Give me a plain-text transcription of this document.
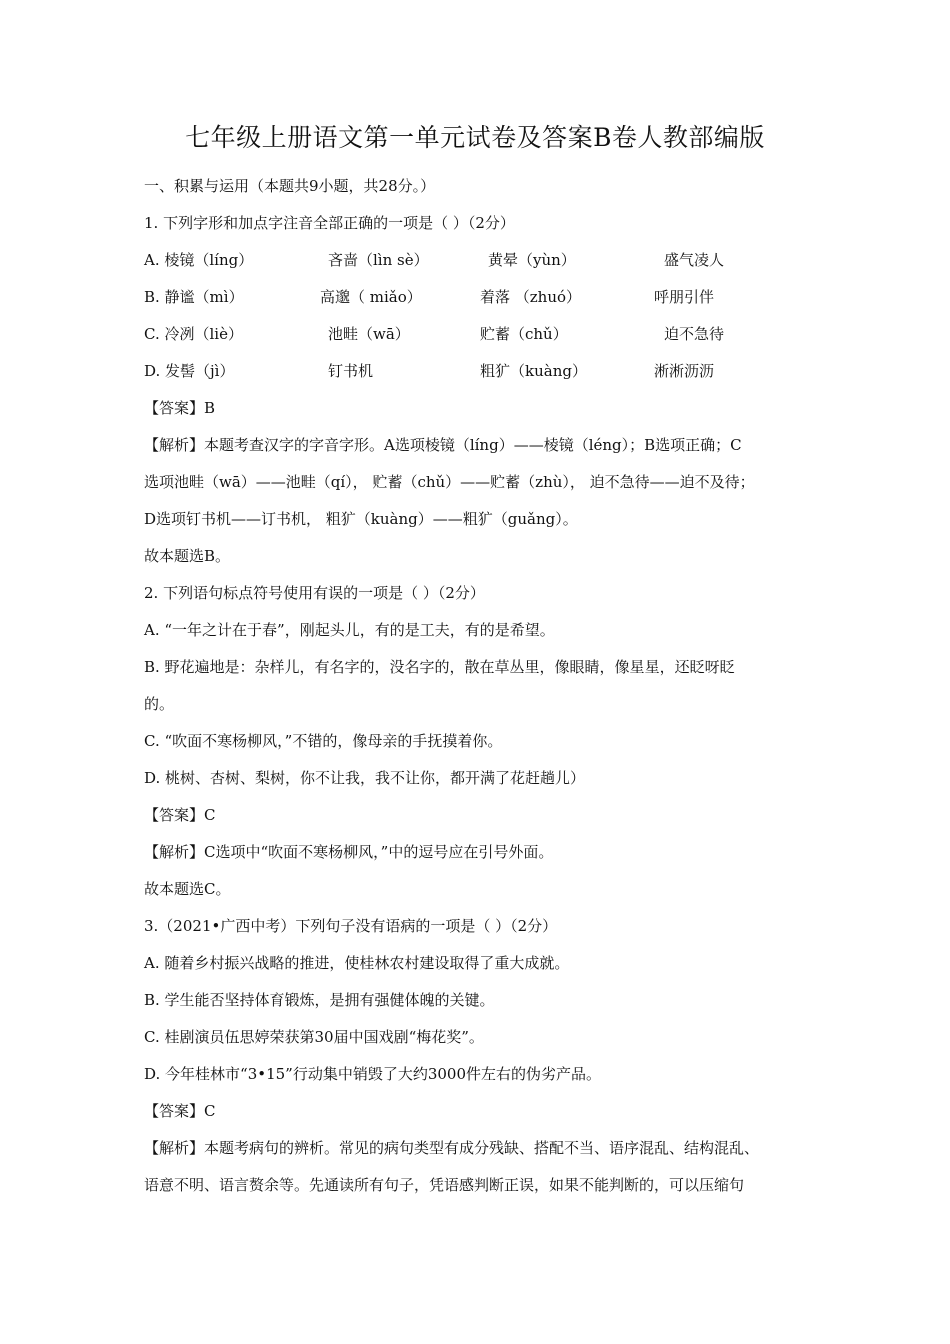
七年级上册语文第一单元试卷及答案B卷人教部编版
一、积累与运用（本题共9小题，共28分。）
1. 下列字形和加点字注音全部正确的一项是（ ）（2分）
A. 棱镜（líng）	吝啬（lìn sè）	黄晕（yùn）	盛气凌人
B. 静谧（mì）	高邈（ miǎo）	着落 （zhuó）	呼朋引伴
C. 冷冽（liè）	池畦（wā）	贮蓄（chǔ）	迫不急待
D. 发髻（jì）	钉书机	粗犷（kuàng）	淅淅沥沥
【答案】B
【解析】本题考查汉字的字音字形。A选项棱镜（líng）——棱镜（léng）；B选项正确；C
选项池畦（wā）——池畦（qí）， 贮蓄（chǔ）——贮蓄（zhù）， 迫不急待——迫不及待；
D选项钉书机——订书机， 粗犷（kuàng）——粗犷（guǎng）。
故本题选B。
2. 下列语句标点符号使用有误的一项是（ ）（2分）
A. “一年之计在于春”，刚起头儿，有的是工夫，有的是希望。
B. 野花遍地是：杂样儿，有名字的，没名字的，散在草丛里，像眼睛，像星星，还眨呀眨
的。
C. “吹面不寒杨柳风，”不错的，像母亲的手抚摸着你。
D. 桃树、杏树、梨树，你不让我，我不让你，都开满了花赶趟儿）
【答案】C
【解析】C选项中“吹面不寒杨柳风，”中的逗号应在引号外面。
故本题选C。
3.（2021•广西中考）下列句子没有语病的一项是（ ）（2分）
A. 随着乡村振兴战略的推进，使桂林农村建设取得了重大成就。
B. 学生能否坚持体育锻炼，是拥有强健体魄的关键。
C. 桂剧演员伍思婷荣获第30届中国戏剧“梅花奖”。
D. 今年桂林市“3•15”行动集中销毁了大约3000件左右的伪劣产品。
【答案】C
【解析】本题考病句的辨析。常见的病句类型有成分残缺、搭配不当、语序混乱、结构混乱、
语意不明、语言赘余等。先通读所有句子，凭语感判断正误，如果不能判断的，可以压缩句
